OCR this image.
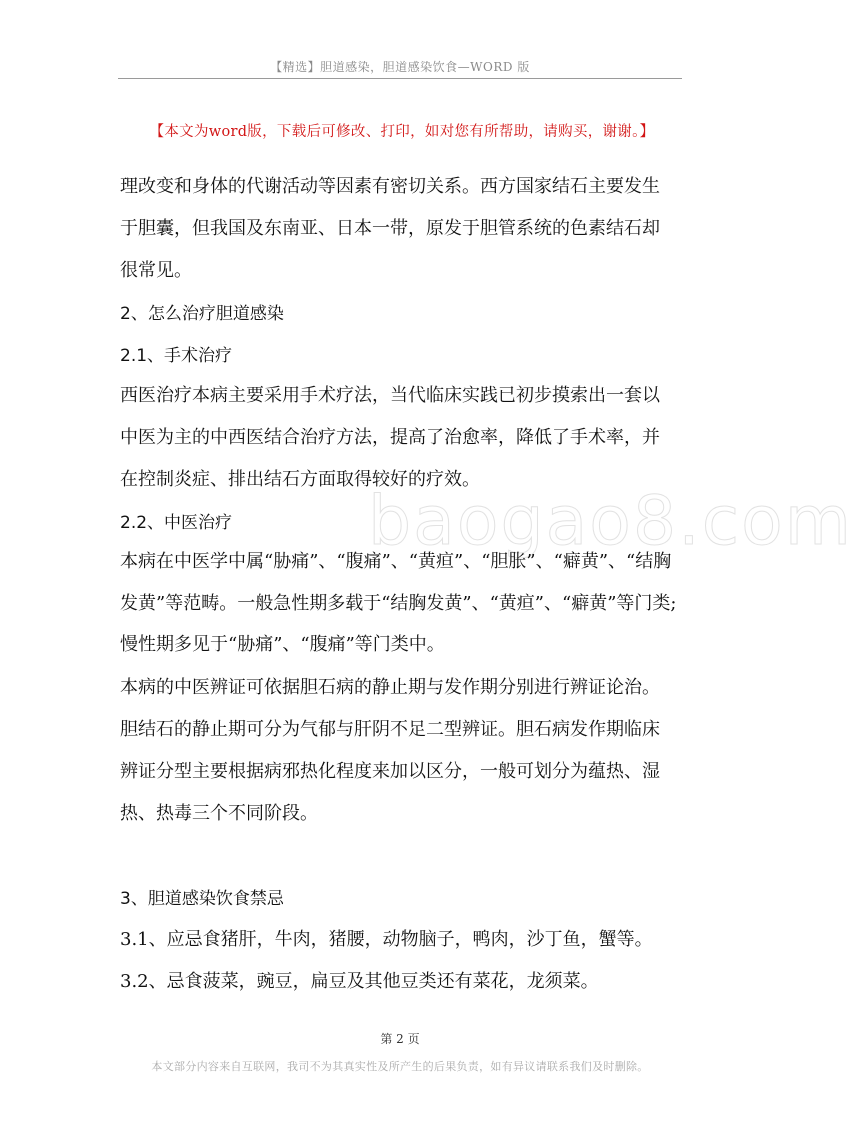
【精选】胆道感染，胆道感染饮食—WORD 版
【本文为word版，下载后可修改、打印，如对您有所帮助，请购买，谢谢。】
baogao8.com
理改变和身体的代谢活动等因素有密切关系。西方国家结石主要发生
于胆囊，但我国及东南亚、日本一带，原发于胆管系统的色素结石却
很常见。
2、怎么治疗胆道感染
2.1、手术治疗
西医治疗本病主要采用手术疗法，当代临床实践已初步摸索出一套以
中医为主的中西医结合治疗方法，提高了治愈率，降低了手术率，并
在控制炎症、排出结石方面取得较好的疗效。
2.2、中医治疗
本病在中医学中属“胁痛”、“腹痛”、“黄疸”、“胆胀”、“癖黄”、“结胸
发黄”等范畴。一般急性期多载于“结胸发黄”、“黄疸”、“癖黄”等门类;
慢性期多见于“胁痛”、“腹痛”等门类中。
本病的中医辨证可依据胆石病的静止期与发作期分别进行辨证论治。
胆结石的静止期可分为气郁与肝阴不足二型辨证。胆石病发作期临床
辨证分型主要根据病邪热化程度来加以区分，一般可划分为蕴热、湿
热、热毒三个不同阶段。
3、胆道感染饮食禁忌
3.1、应忌食猪肝，牛肉，猪腰，动物脑子，鸭肉，沙丁鱼，蟹等。
3.2、忌食菠菜，豌豆，扁豆及其他豆类还有菜花，龙须菜。
第 2 页
本文部分内容来自互联网，我司不为其真实性及所产生的后果负责，如有异议请联系我们及时删除。
